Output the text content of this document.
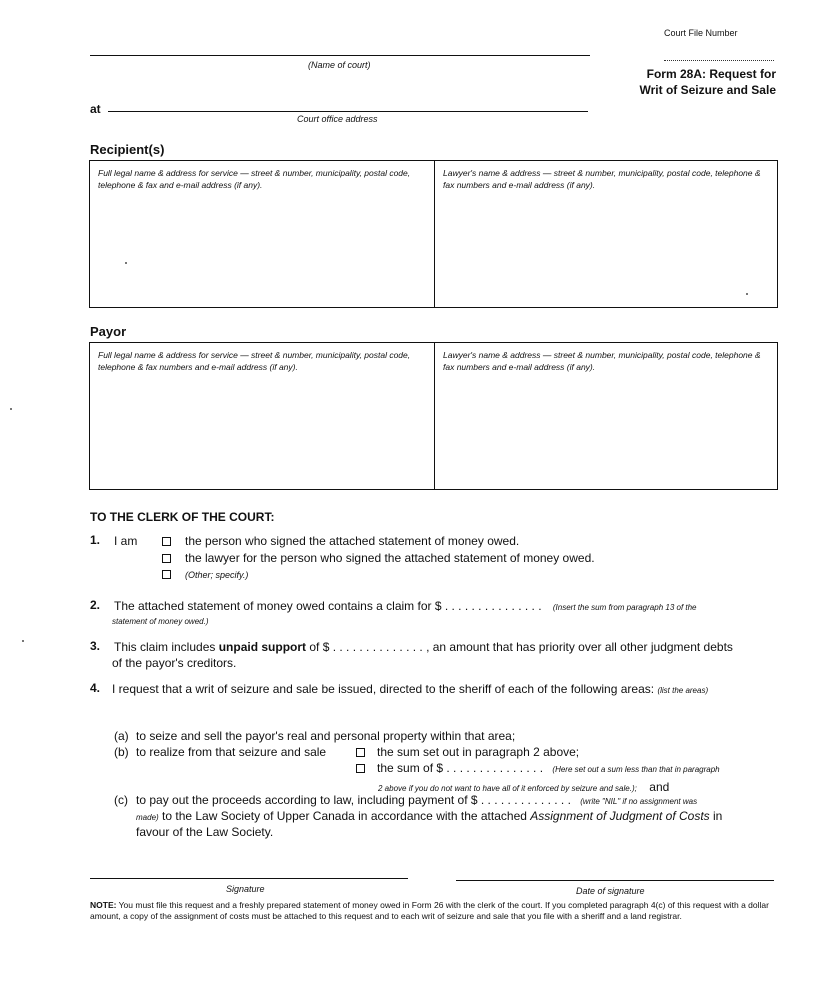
Court File Number
(Name of court)
Form 28A: Request for
Writ of Seizure and Sale
at
Court office address
Recipient(s)
Full legal name & address for service — street & number, municipality, postal code, telephone & fax and e-mail address (if any).
Lawyer's name & address — street & number, municipality, postal code, telephone & fax numbers and e-mail address (if any).
Payor
Full legal name & address for service — street & number, municipality, postal code, telephone & fax numbers and e-mail address (if any).
Lawyer's name & address — street & number, municipality, postal code, telephone & fax numbers and e-mail address (if any).
TO THE CLERK OF THE COURT:
1. I am	the person who signed the attached statement of money owed.
the lawyer for the person who signed the attached statement of money owed.
(Other; specify.)
2. The attached statement of money owed contains a claim for $ . . . . . . . . . . . . . . . (Insert the sum from paragraph 13 of the
statement of money owed.)
3. This claim includes unpaid support of $ . . . . . . . . . . . . . . , an amount that has priority over all other judgment debts
of the payor's creditors.
4. I request that a writ of seizure and sale be issued, directed to the sheriff of each of the following areas: (list the areas)
(a) to seize and sell the payor's real and personal property within that area;
(b) to realize from that seizure and sale	the sum set out in paragraph 2 above;
the sum of $ . . . . . . . . . . . . . . . (Here set out a sum less than that in paragraph
2 above if you do not want to have all of it enforced by seizure and sale.); and
(c) to pay out the proceeds according to law, including payment of $ . . . . . . . . . . . . . . (write "NIL" if no assignment was
made) to the Law Society of Upper Canada in accordance with the attached Assignment of Judgment of Costs in
favour of the Law Society.
Signature	Date of signature
NOTE: You must file this request and a freshly prepared statement of money owed in Form 26 with the clerk of the court. If you completed paragraph 4(c) of this request with a dollar amount, a copy of the assignment of costs must be attached to this request and to each writ of seizure and sale that you file with a sheriff and a land registrar.
